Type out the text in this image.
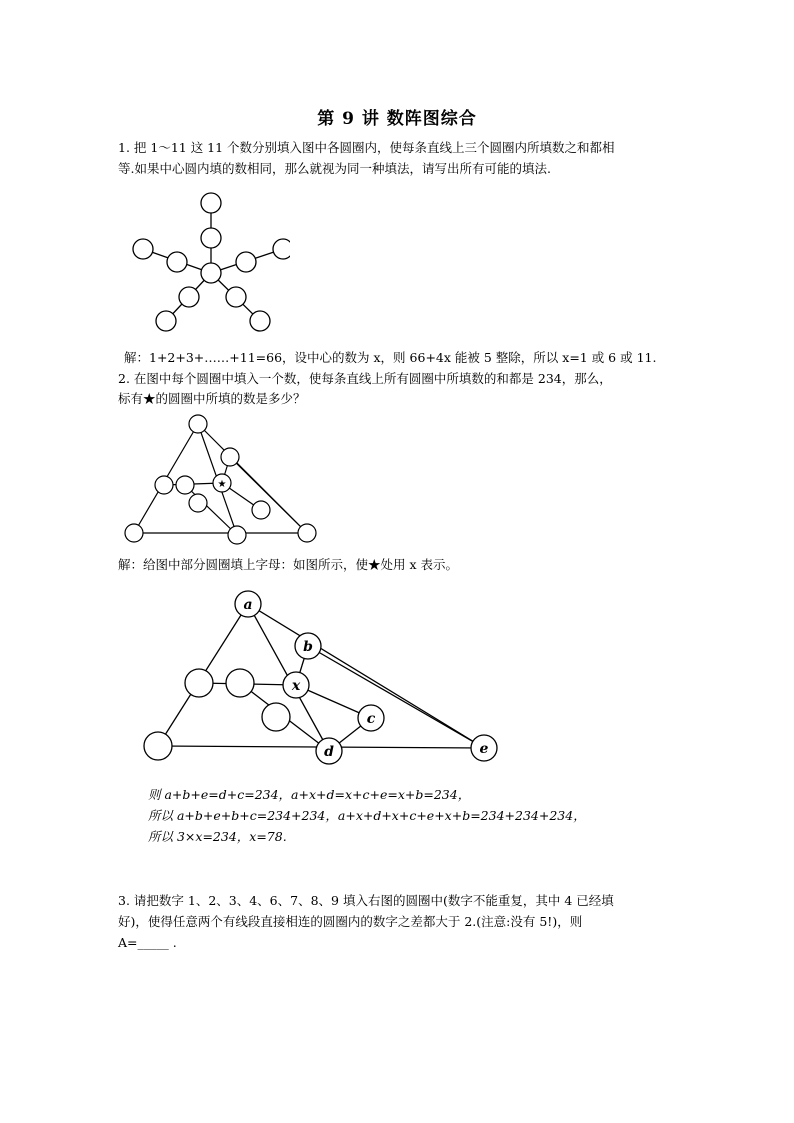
第 9 讲 数阵图综合
1. 把 1～11 这 11 个数分别填入图中各圆圈内，使每条直线上三个圆圈内所填数之和都相
等.如果中心圆内填的数相同，那么就视为同一种填法，请写出所有可能的填法.
解：1+2+3+……+11=66，设中心的数为 x，则 66+4x 能被 5 整除，所以 x=1 或 6 或 11.
2. 在图中每个圆圈中填入一个数，使每条直线上所有圆圈中所填数的和都是 234，那么，
标有★的圆圈中所填的数是多少？
★
解：给图中部分圆圈填上字母：如图所示，使★处用 x 表示。
a
b
x
c
d	e
则 a+b+e=d+c=234，a+x+d=x+c+e=x+b=234，
所以 a+b+e+b+c=234+234，a+x+d+x+c+e+x+b=234+234+234，
所以 3×x=234，x=78.
3. 请把数字 1、2、3、4、6、7、8、9 填入右图的圆圈中(数字不能重复，其中 4 已经填
好)，使得任意两个有线段直接相连的圆圈内的数字之差都大于 2.(注意:没有 5!)，则
A=_____ .
